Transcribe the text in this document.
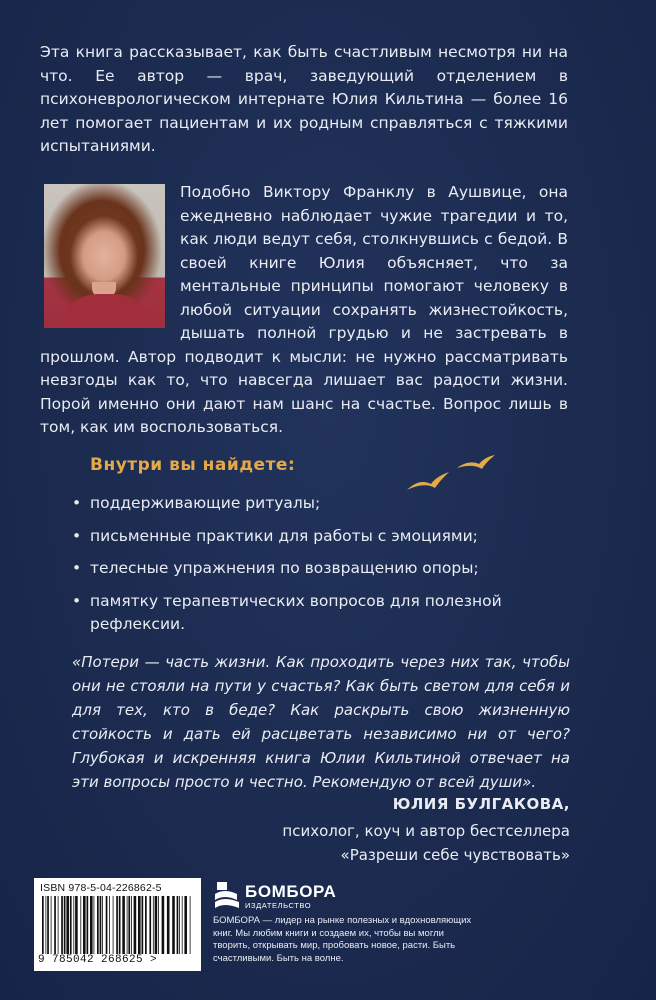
Эта книга рассказывает, как быть счастливым несмотря ни на что. Ее автор — врач, заведующий отделением в психоневрологическом интернате Юлия Кильтина — более 16 лет помогает пациентам и их родным справляться с тяжкими испытаниями.

Подобно Виктору Франклу в Аушвице, она ежедневно наблюдает чужие трагедии и то, как люди ведут себя, столкнувшись с бедой. В своей книге Юлия объясняет, что за ментальные принципы помогают человеку в любой ситуации сохранять жизнестойкость, дышать полной грудью и не застревать в прошлом. Автор подводит к мысли: не нужно рассматривать невзгоды как то, что навсегда лишает вас радости жизни. Порой именно они дают нам шанс на счастье. Вопрос лишь в том, как им воспользоваться.

Внутри вы найдете:
• поддерживающие ритуалы;
• письменные практики для работы с эмоциями;
• телесные упражнения по возвращению опоры;
• памятку терапевтических вопросов для полезной рефлексии.

«Потери — часть жизни. Как проходить через них так, чтобы они не стояли на пути у счастья? Как быть светом для себя и для тех, кто в беде? Как раскрыть свою жизненную стойкость и дать ей расцветать независимо ни от чего? Глубокая и искренняя книга Юлии Кильтиной отвечает на эти вопросы просто и честно. Рекомендую от всей души».

ЮЛИЯ БУЛГАКОВА,

психолог, коуч и автор бестселлера
«Разреши себе чувствовать»

ISBN 978-5-04-226862-5

9 785042 268625 >

БОМБОРА

ИЗДАТЕЛЬСТВО

БОМБОРА — лидер на рынке полезных и вдохновляющих книг. Мы любим книги и создаем их, чтобы вы могли творить, открывать мир, пробовать новое, расти. Быть счастливыми. Быть на волне.
